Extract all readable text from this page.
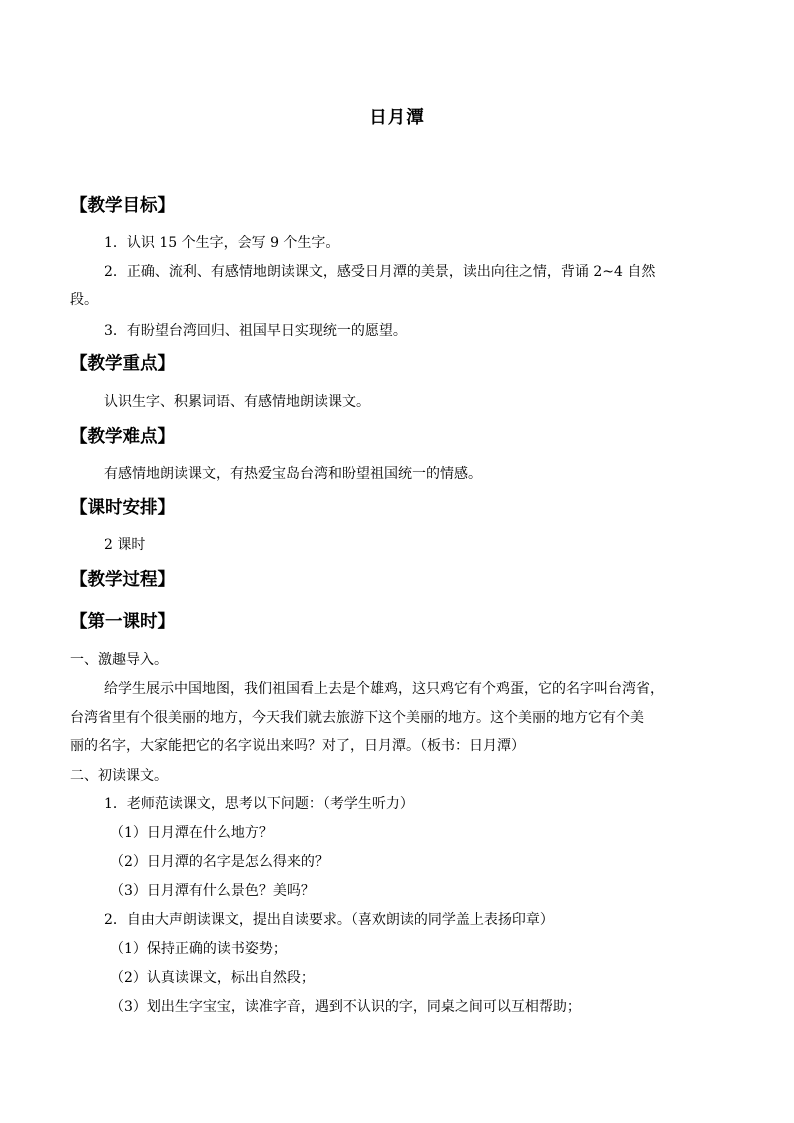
日月潭
【教学目标】
1．认识 15 个生字，会写 9 个生字。
2．正确、流利、有感情地朗读课文，感受日月潭的美景，读出向往之情，背诵 2~4 自然
段。
3．有盼望台湾回归、祖国早日实现统一的愿望。
【教学重点】
认识生字、积累词语、有感情地朗读课文。
【教学难点】
有感情地朗读课文，有热爱宝岛台湾和盼望祖国统一的情感。
【课时安排】
2 课时
【教学过程】
【第一课时】
一、激趣导入。
给学生展示中国地图，我们祖国看上去是个雄鸡，这只鸡它有个鸡蛋，它的名字叫台湾省，
台湾省里有个很美丽的地方，今天我们就去旅游下这个美丽的地方。这个美丽的地方它有个美
丽的名字，大家能把它的名字说出来吗？对了，日月潭。（板书：日月潭）
二、初读课文。
1．老师范读课文，思考以下问题：（考学生听力）
（1）日月潭在什么地方？
（2）日月潭的名字是怎么得来的？
（3）日月潭有什么景色？美吗？
2．自由大声朗读课文，提出自读要求。（喜欢朗读的同学盖上表扬印章）
（1）保持正确的读书姿势；
（2）认真读课文，标出自然段；
（3）划出生字宝宝，读准字音，遇到不认识的字，同桌之间可以互相帮助；
